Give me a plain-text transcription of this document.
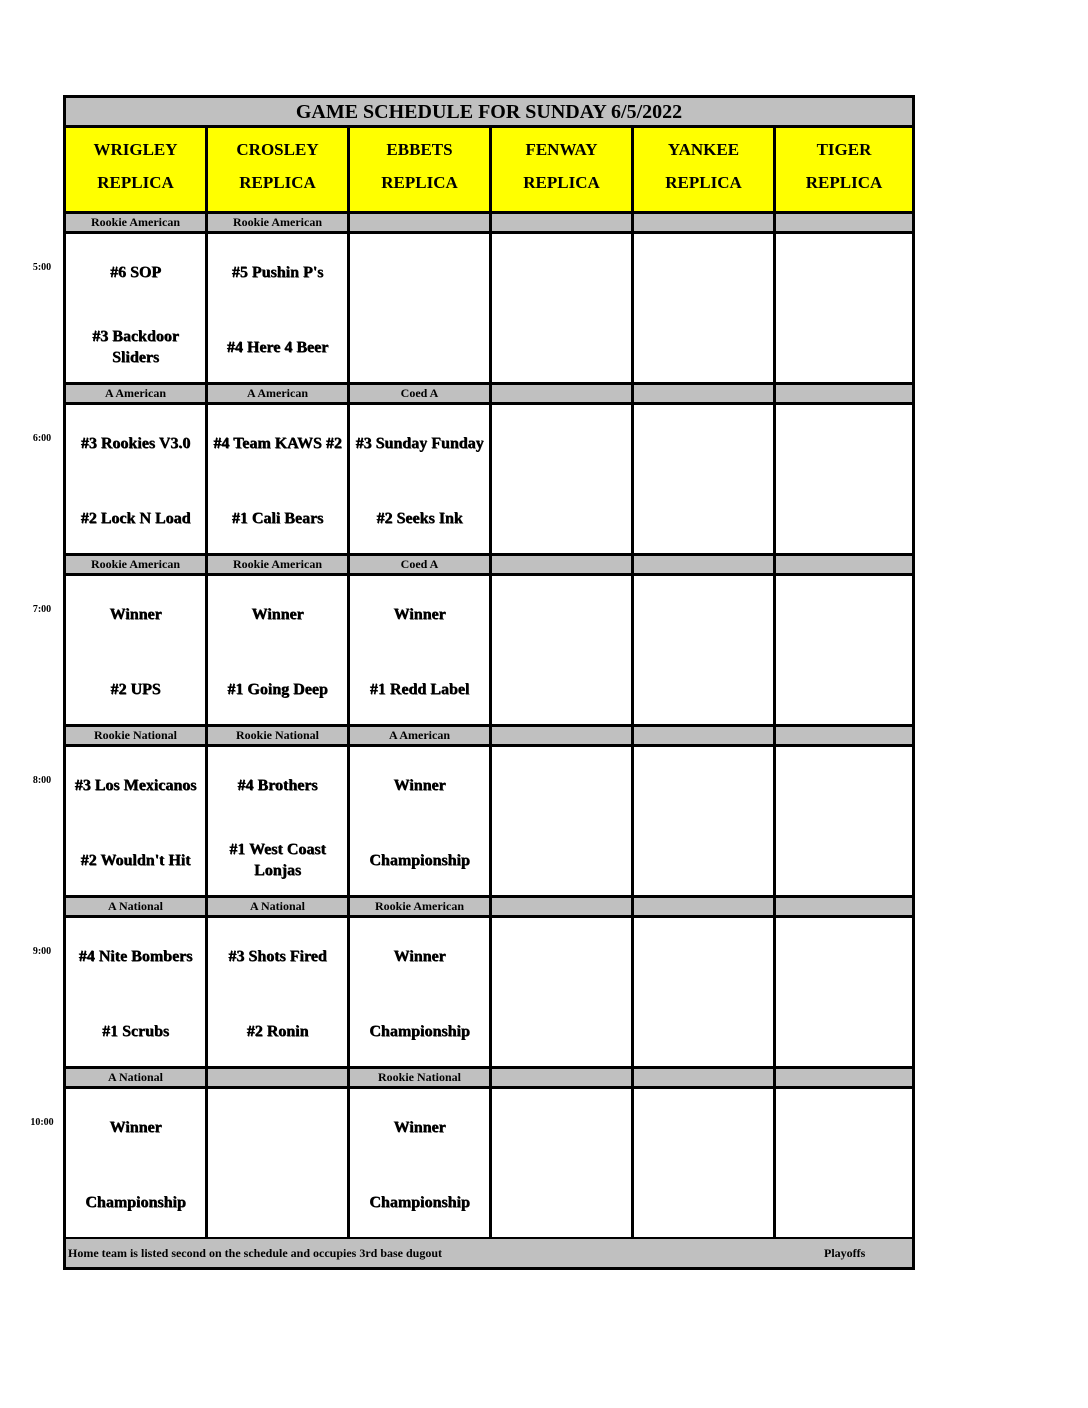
GAME SCHEDULE FOR SUNDAY 6/5/2022
WRIGLEY
REPLICA
CROSLEY
REPLICA
EBBETS
REPLICA
FENWAY
REPLICA
YANKEE
REPLICA
TIGER
REPLICA
Rookie American
#6 SOP
#3 Backdoor Sliders
Rookie American
#5 Pushin P's
#4 Here 4 Beer
A American
#3 Rookies V3.0
#2 Lock N Load
A American
#4 Team KAWS #2
#1 Cali Bears
Coed A
#3 Sunday Funday
#2 Seeks Ink
Rookie American
Winner
#2 UPS
Rookie American
Winner
#1 Going Deep
Coed A
Winner
#1 Redd Label
Rookie National
#3 Los Mexicanos
#2 Wouldn't Hit
Rookie National
#4 Brothers
#1 West Coast Lonjas
A American
Winner
Championship
A National
#4 Nite Bombers
#1 Scrubs
A National
#3 Shots Fired
#2 Ronin
Rookie American
Winner
Championship
A National
Winner
Championship
Rookie National
Winner
Championship
Home team is listed second on the schedule and occupies 3rd base dugout	Playoffs
5:00
6:00
7:00
8:00
9:00
10:00
